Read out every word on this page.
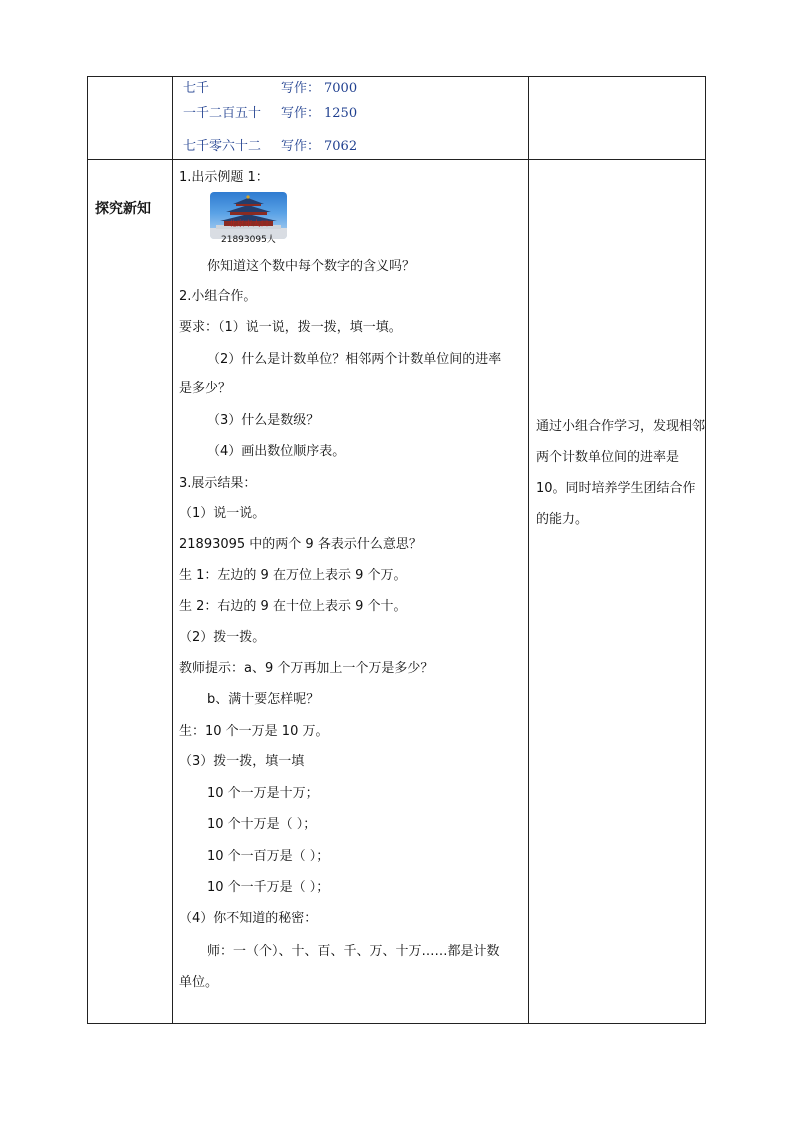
七千	写作： 7000
一千二百五十 写作： 1250
七千零六十二 写作： 7062
探究新知
1.出示例题 1：
北京市人口
21893095人
你知道这个数中每个数字的含义吗？
2.小组合作。
要求：（1）说一说，拨一拨，填一填。
（2）什么是计数单位？相邻两个计数单位间的进率
是多少？
（3）什么是数级？
（4）画出数位顺序表。
3.展示结果：
（1）说一说。
21893095 中的两个 9 各表示什么意思？
生 1：左边的 9 在万位上表示 9 个万。
生 2：右边的 9 在十位上表示 9 个十。
（2）拨一拨。
教师提示：a、9 个万再加上一个万是多少？
b、满十要怎样呢？
生：10 个一万是 10 万。
（3）拨一拨，填一填
10 个一万是十万；
10 个十万是（ ）；
10 个一百万是（ ）；
10 个一千万是（ ）；
（4）你不知道的秘密：
师：一（个）、十、百、千、万、十万……都是计数
单位。
通过小组合作学习，发现相邻两个计数单位间的进率是 10。同时培养学生团结合作的能力。
